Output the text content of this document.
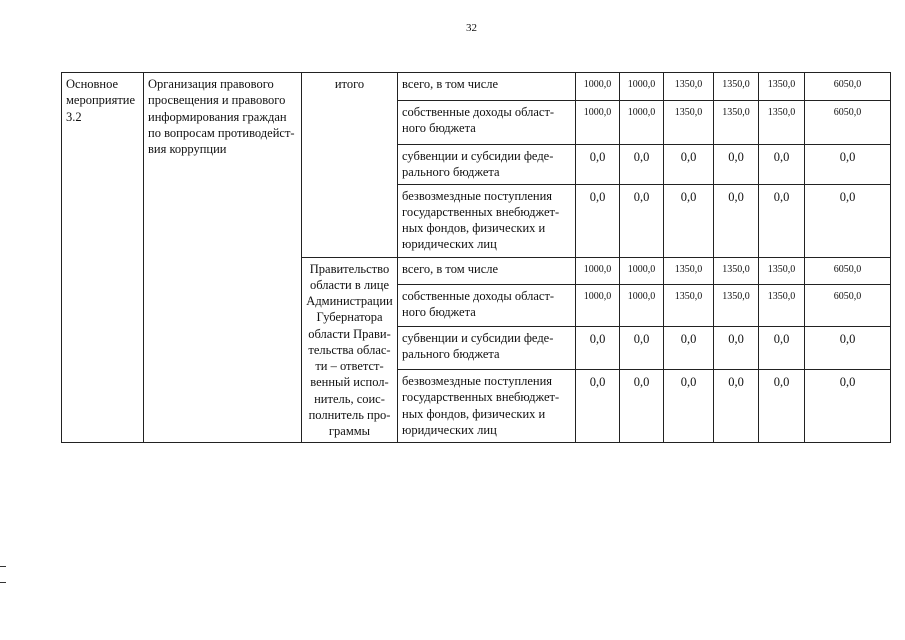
32
Основное мероприятие 3.2	Организация правового просвещения и правового информирования граждан по вопросам противодейст-вия коррупции	итого	всего, в том числе	1000,0	1000,0	1350,0	1350,0	1350,0	6050,0
			собственные доходы област-ного бюджета	1000,0	1000,0	1350,0	1350,0	1350,0	6050,0
			субвенции и субсидии феде-рального бюджета	0,0	0,0	0,0	0,0	0,0	0,0
			безвозмездные поступления государственных внебюджет-ных фондов, физических и юридических лиц	0,0	0,0	0,0	0,0	0,0	0,0
		Правительство области в лице Администрации Губернатора области Прави-тельства облас-ти – ответст-венный испол-нитель, соис-полнитель про-граммы	всего, в том числе	1000,0	1000,0	1350,0	1350,0	1350,0	6050,0
			собственные доходы област-ного бюджета	1000,0	1000,0	1350,0	1350,0	1350,0	6050,0
			субвенции и субсидии феде-рального бюджета	0,0	0,0	0,0	0,0	0,0	0,0
			безвозмездные поступления государственных внебюджет-ных фондов, физических и юридических лиц	0,0	0,0	0,0	0,0	0,0	0,0
